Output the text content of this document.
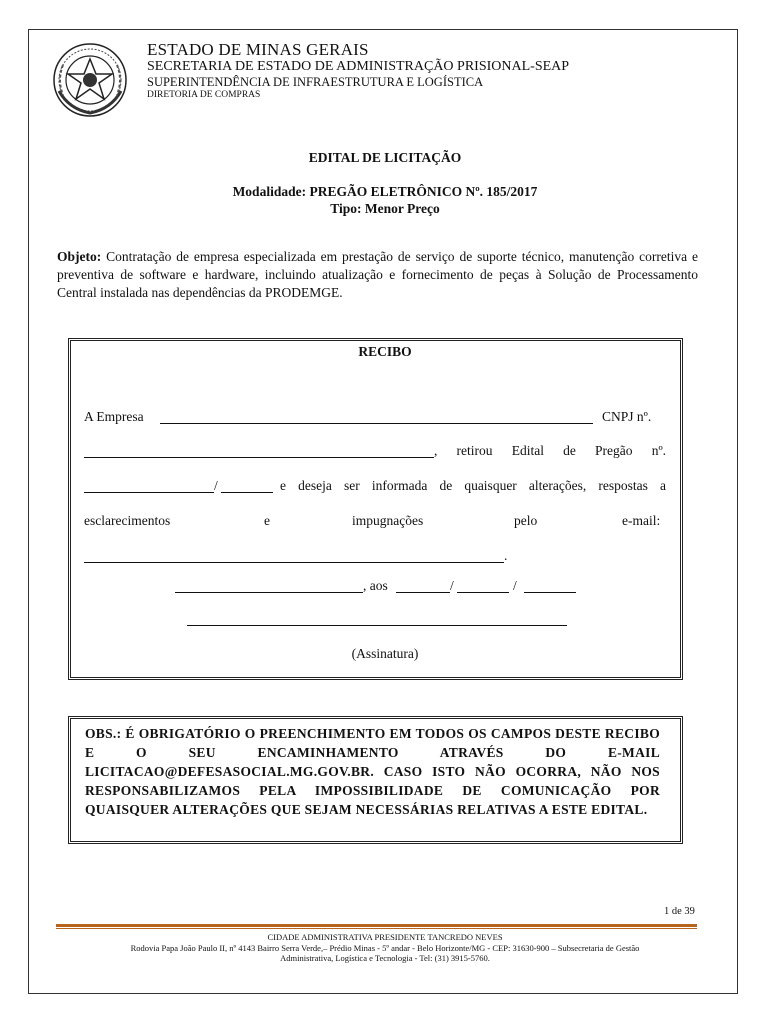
ESTADO DE MINAS GERAIS
SECRETARIA DE ESTADO DE ADMINISTRAÇÃO PRISIONAL-SEAP
SUPERINTENDÊNCIA DE INFRAESTRUTURA E LOGÍSTICA
DIRETORIA DE COMPRAS
EDITAL DE LICITAÇÃO
Modalidade: PREGÃO ELETRÔNICO Nº. 185/2017
Tipo: Menor Preço
Objeto: Contratação de empresa especializada em prestação de serviço de suporte técnico, manutenção corretiva e preventiva de software e hardware, incluindo atualização e fornecimento de peças à Solução de Processamento Central instalada nas dependências da PRODEMGE.
RECIBO
A Empresa	CNPJ nº.
, retirou Edital de Pregão nº.
/	e deseja ser informada de quaisquer alterações, respostas a
esclarecimentos	e	impugnações	pelo	e-mail:
.
, aos	/	/
(Assinatura)
OBS.: É OBRIGATÓRIO O PREENCHIMENTO EM TODOS OS CAMPOS DESTE RECIBO E O SEU ENCAMINHAMENTO ATRAVÉS DO E-MAIL LICITACAO@DEFESASOCIAL.MG.GOV.BR. CASO ISTO NÃO OCORRA, NÃO NOS RESPONSABILIZAMOS PELA IMPOSSIBILIDADE DE COMUNICAÇÃO POR QUAISQUER ALTERAÇÕES QUE SEJAM NECESSÁRIAS RELATIVAS A ESTE EDITAL.
1 de 39
CIDADE ADMINISTRATIVA PRESIDENTE TANCREDO NEVES
Rodovia Papa João Paulo II, nº 4143 Bairro Serra Verde,– Prédio Minas - 5º andar - Belo Horizonte/MG - CEP: 31630-900 – Subsecretaria de Gestão
Administrativa, Logística e Tecnologia - Tel: (31) 3915-5760.
